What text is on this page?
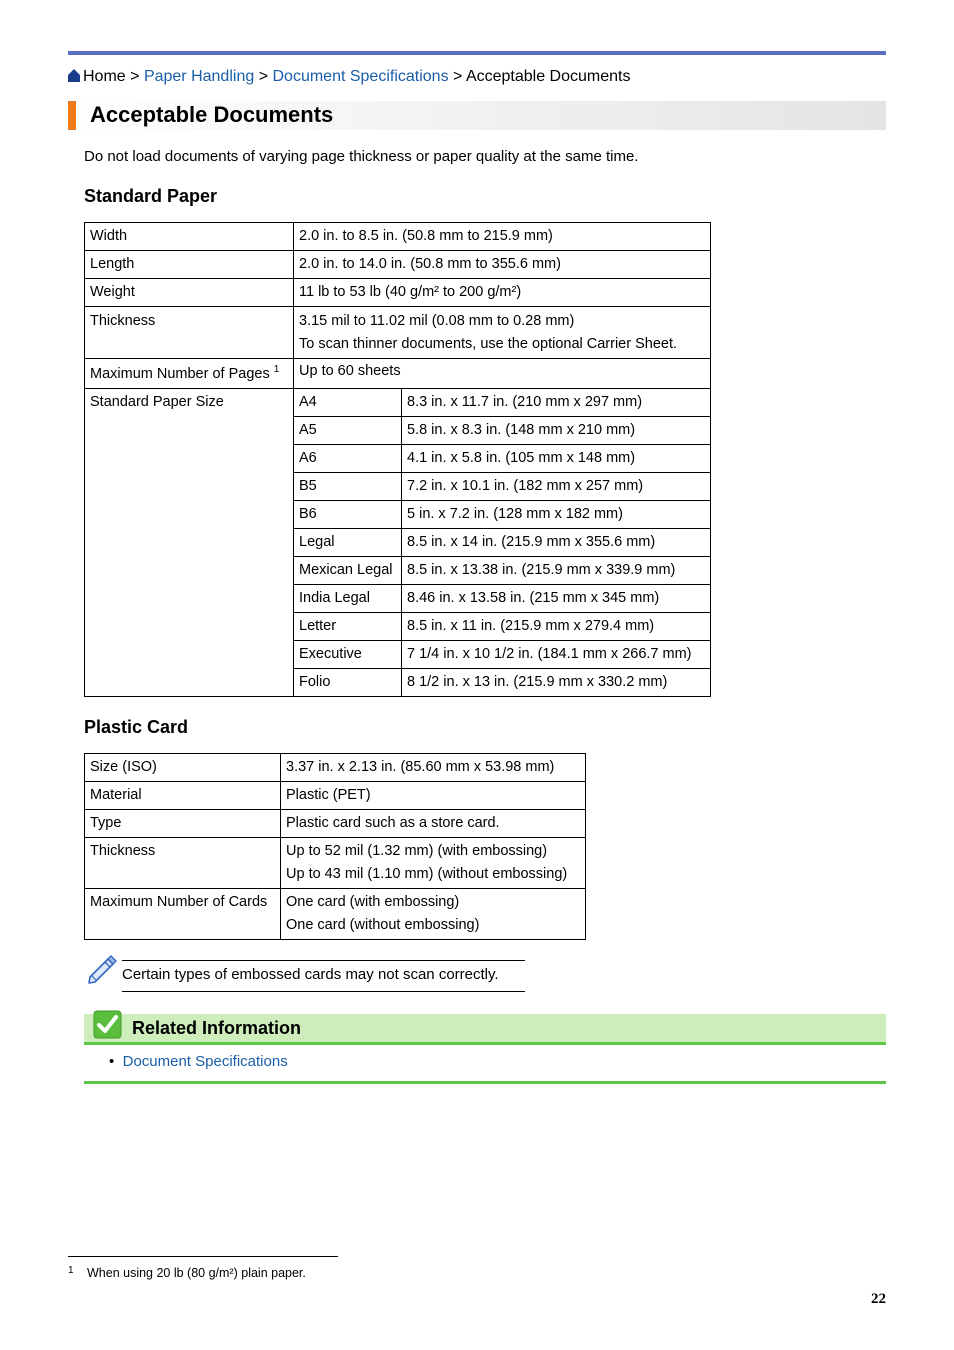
Home > Paper Handling > Document Specifications > Acceptable Documents
Acceptable Documents
Do not load documents of varying page thickness or paper quality at the same time.
Standard Paper
Width	2.0 in. to 8.5 in. (50.8 mm to 215.9 mm)	
Length	2.0 in. to 14.0 in. (50.8 mm to 355.6 mm)	
Weight	11 lb to 53 lb (40 g/m² to 200 g/m²)	
Thickness	3.15 mil to 11.02 mil (0.08 mm to 0.28 mm)
To scan thinner documents, use the optional Carrier Sheet.	

Maximum Number of Pages $^1$	Up to 60 sheets	
Standard Paper Size	A4	8.3 in. x 11.7 in. (210 mm x 297 mm)
	A5	5.8 in. x 8.3 in. (148 mm x 210 mm)
	A6	4.1 in. x 5.8 in. (105 mm x 148 mm)
	B5	7.2 in. x 10.1 in. (182 mm x 257 mm)
	B6	5 in. x 7.2 in. (128 mm x 182 mm)
	Legal	8.5 in. x 14 in. (215.9 mm x 355.6 mm)
	Mexican Legal	8.5 in. x 13.38 in. (215.9 mm x 339.9 mm)
	India Legal	8.46 in. x 13.58 in. (215 mm x 345 mm)
	Letter	8.5 in. x 11 in. (215.9 mm x 279.4 mm)
	Executive	7 1/4 in. x 10 1/2 in. (184.1 mm x 266.7 mm)
	Folio	8 1/2 in. x 13 in. (215.9 mm x 330.2 mm)
Plastic Card
Size (ISO)	3.37 in. x 2.13 in. (85.60 mm x 53.98 mm)
Material	Plastic (PET)
Type	Plastic card such as a store card.
Thickness	Up to 52 mil (1.32 mm) (with embossing)
Up to 43 mil (1.10 mm) (without embossing)

Maximum Number of Cards	One card (with embossing)
One card (without embossing)
Certain types of embossed cards may not scan correctly.
Related Information
• Document Specifications
1 When using 20 lb (80 g/m²) plain paper.
22
